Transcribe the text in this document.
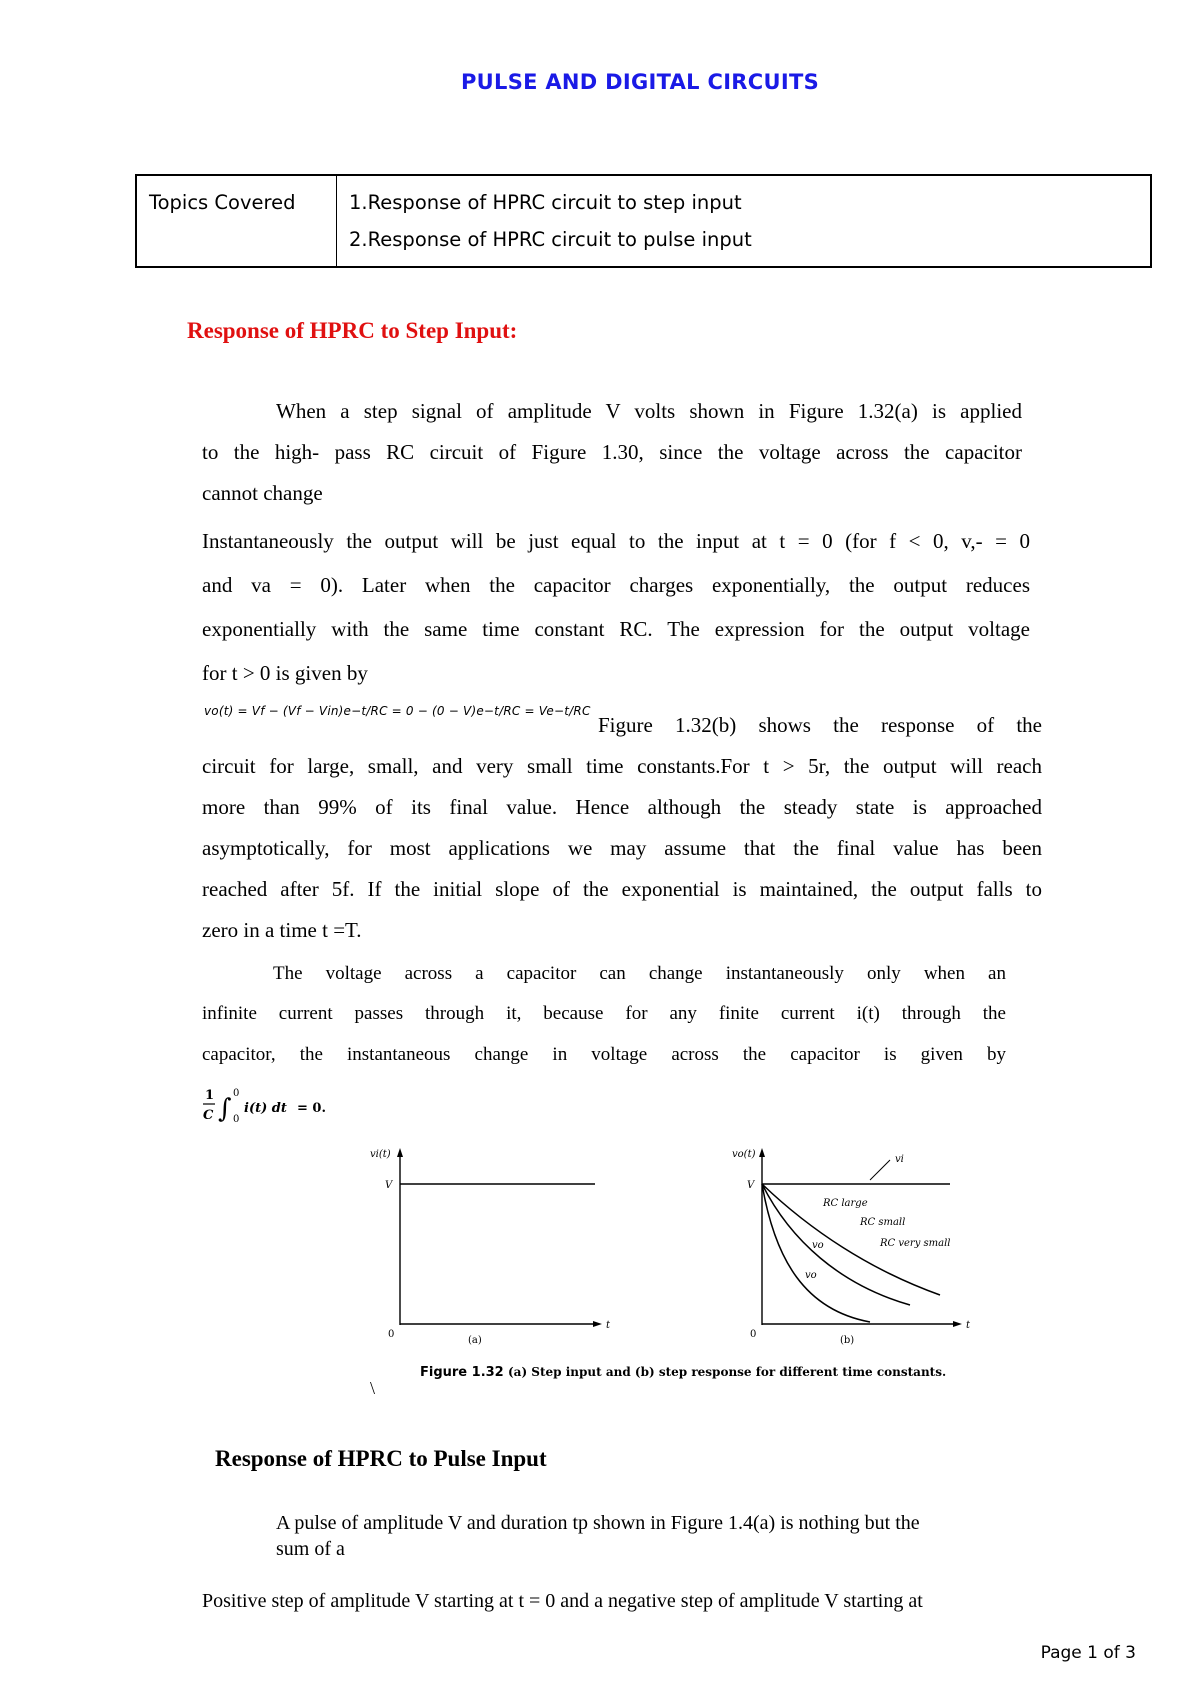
PULSE AND DIGITAL CIRCUITS
Topics Covered	1.Response of HPRC circuit to step input
2.Response of HPRC circuit to pulse input
Response of HPRC to Step Input:
When a step signal of amplitude V volts shown in Figure 1.32(a) is applied
to the high- pass RC circuit of Figure 1.30, since the voltage across the capacitor
cannot change
Instantaneously the output will be just equal to the input at t = 0 (for f < 0, v,- = 0
and va = 0). Later when the capacitor charges exponentially, the output reduces
exponentially with the same time constant RC. The expression for the output voltage
for t > 0 is given by
vo(t) = Vf − (Vf − Vin)e−t/RC = 0 − (0 − V)e−t/RC = Ve−t/RC
Figure 1.32(b) shows the response of the
circuit for large, small, and very small time constants.For t > 5r, the output will reach
more than 99% of its final value. Hence although the steady state is approached
asymptotically, for most applications we may assume that the final value has been
reached after 5f. If the initial slope of the exponential is maintained, the output falls to
zero in a time t =T.
The voltage across a capacitor can change instantaneously only when an
infinite current passes through it, because for any finite current i(t) through the
capacitor, the instantaneous change in voltage across the capacitor is given by
1
C ∫
0
0
i(t) dt = 0.
vi(t)
V
0
t
(a)
vo(t)
V
0
t
(b)
vi
RC large
RC small
RC very small
vo
vo
Figure 1.32 (a) Step input and (b) step response for different time constants.
\
Response of HPRC to Pulse Input
A pulse of amplitude V and duration tp shown in Figure 1.4(a) is nothing but the
sum of a
Positive step of amplitude V starting at t = 0 and a negative step of amplitude V starting at
Page 1 of 3
